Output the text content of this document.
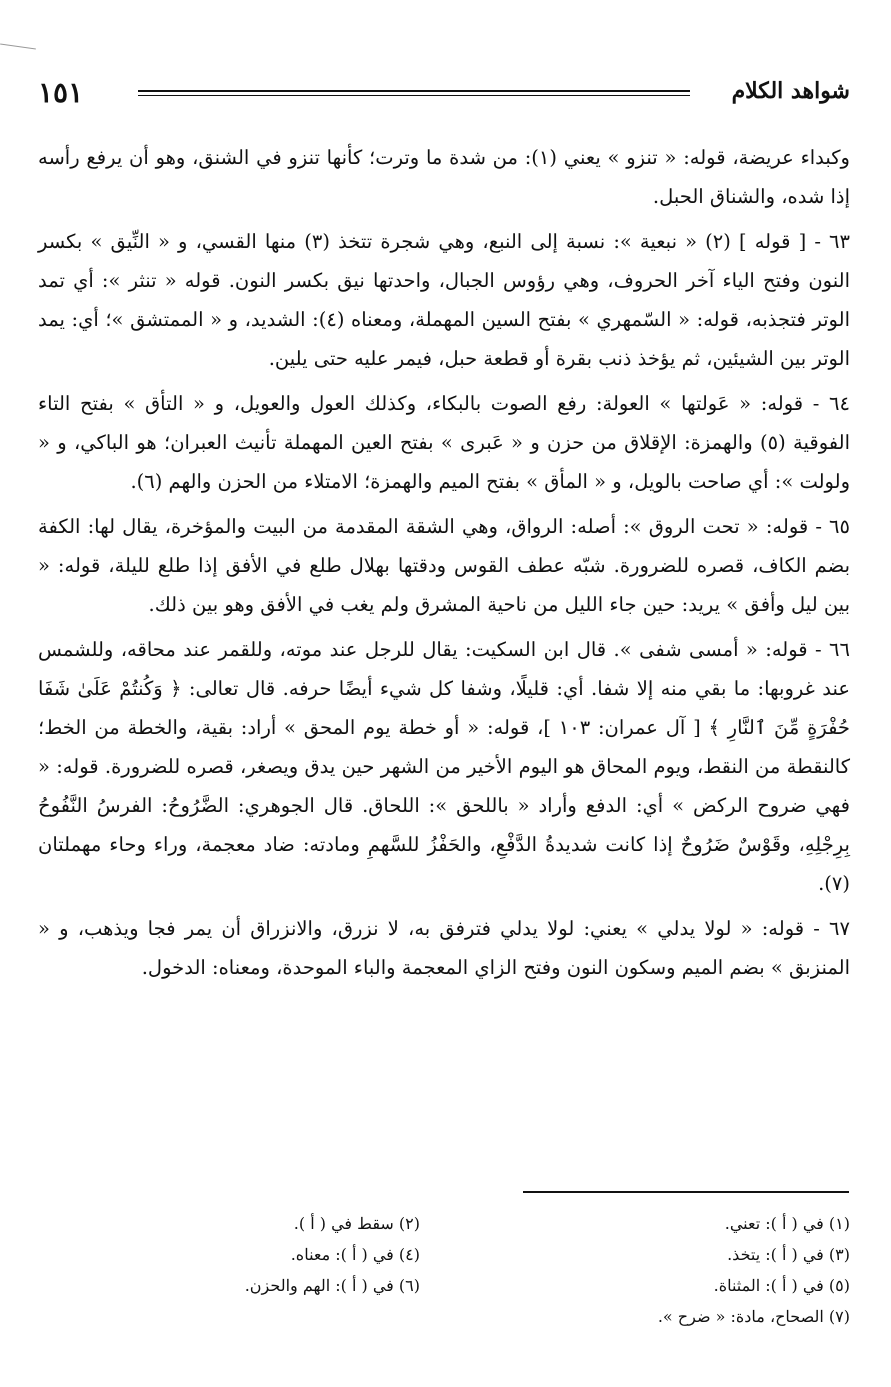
شواهد الكلام
١٥١

وكبداء عريضة، قوله: « تنزو » يعني (١): من شدة ما وترت؛ كأنها تنزو في الشنق، وهو أن يرفع رأسه إذا شده، والشناق الحبل.

٦٣ - [ قوله ] (٢) « نبعية »: نسبة إلى النبع، وهي شجرة تتخذ (٣) منها القسي، و « النِّيق » بكسر النون وفتح الياء آخر الحروف، وهي رؤوس الجبال، واحدتها نيق بكسر النون. قوله « تنثر »: أي تمد الوتر فتجذبه، قوله: « السّمهري » بفتح السين المهملة، ومعناه (٤): الشديد، و « الممتشق »؛ أي: يمد الوتر بين الشيئين، ثم يؤخذ ذنب بقرة أو قطعة حبل، فيمر عليه حتى يلين.

٦٤ - قوله: « عَولتها » العولة: رفع الصوت بالبكاء، وكذلك العول والعويل، و « التأق » بفتح التاء الفوقية (٥) والهمزة: الإقلاق من حزن و « عَبرى » بفتح العين المهملة تأنيث العبران؛ هو الباكي، و « ولولت »: أي صاحت بالويل، و « المأق » بفتح الميم والهمزة؛ الامتلاء من الحزن والهم (٦).

٦٥ - قوله: « تحت الروق »: أصله: الرواق، وهي الشقة المقدمة من البيت والمؤخرة، يقال لها: الكفة بضم الكاف، قصره للضرورة. شبّه عطف القوس ودقتها بهلال طلع في الأفق إذا طلع لليلة، قوله: « بين ليل وأفق » يريد: حين جاء الليل من ناحية المشرق ولم يغب في الأفق وهو بين ذلك.

٦٦ - قوله: « أمسى شفى ». قال ابن السكيت: يقال للرجل عند موته، وللقمر عند محاقه، وللشمس عند غروبها: ما بقي منه إلا شفا. أي: قليلًا، وشفا كل شيء أيضًا حرفه. قال تعالى: ﴿ وَكُنتُمْ عَلَىٰ شَفَا حُفْرَةٍ مِّنَ ٱلنَّارِ ﴾ [ آل عمران: ١٠٣ ]، قوله: « أو خطة يوم المحق » أراد: بقية، والخطة من الخط؛ كالنقطة من النقط، ويوم المحاق هو اليوم الأخير من الشهر حين يدق ويصغر، قصره للضرورة. قوله: « فهي ضروح الركض » أي: الدفع وأراد « باللحق »: اللحاق. قال الجوهري: الضَّرُوحُ: الفرسُ النَّفُوحُ بِرِجْلِهِ، وقَوْسٌ ضَرُوحٌ إذا كانت شديدةُ الدَّفْعِ، والحَفْزُ للسَّهمِ ومادته: ضاد معجمة، وراء وحاء مهملتان (٧).

٦٧ - قوله: « لولا يدلي » يعني: لولا يدلي فترفق به، لا نزرق، والانزراق أن يمر فجا ويذهب، و « المنزبق » بضم الميم وسكون النون وفتح الزاي المعجمة والباء الموحدة، ومعناه: الدخول.

(١) في ( أ ): تعني.
(٣) في ( أ ): يتخذ.
(٥) في ( أ ): المثناة.
(٧) الصحاح، مادة: « ضرح ».
(٢) سقط في ( أ ).
(٤) في ( أ ): معناه.
(٦) في ( أ ): الهم والحزن.
